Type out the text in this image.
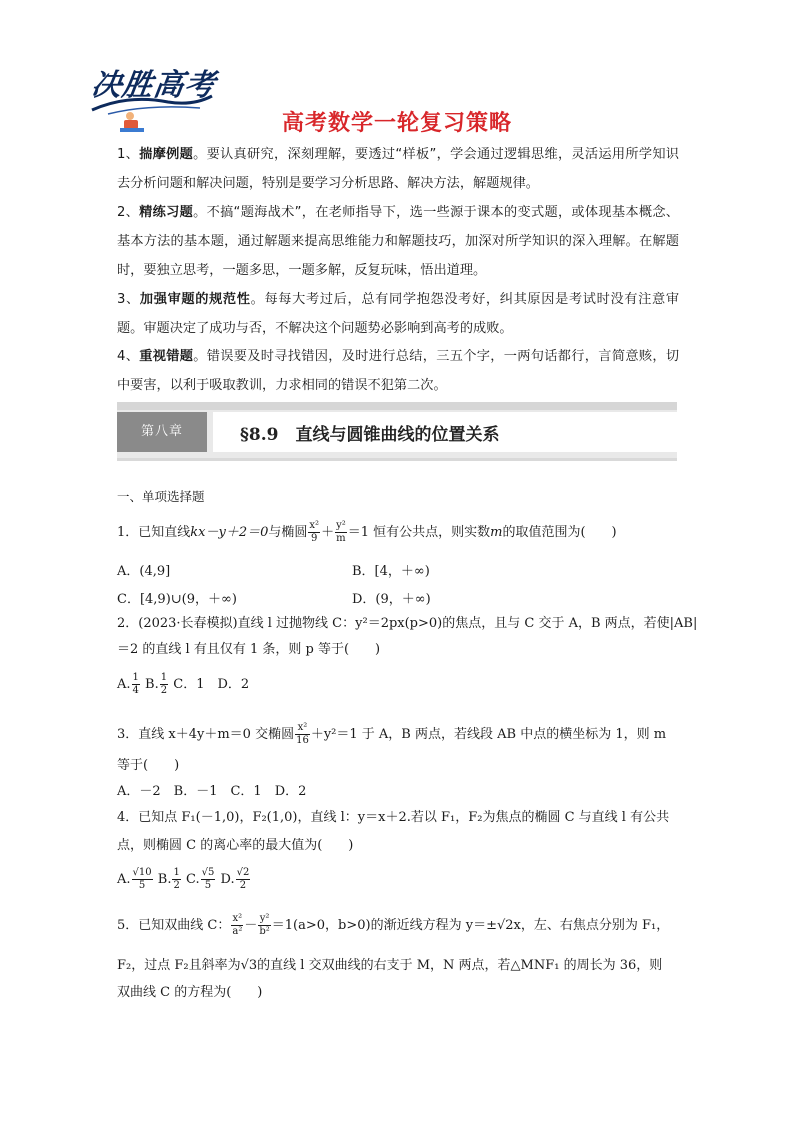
决胜高考
高考数学一轮复习策略
1、揣摩例题。要认真研究，深刻理解，要透过“样板”，学会通过逻辑思维，灵活运用所学知识去分析问题和解决问题，特别是要学习分析思路、解决方法，解题规律。
2、精练习题。不搞“题海战术”，在老师指导下，选一些源于课本的变式题，或体现基本概念、基本方法的基本题，通过解题来提高思维能力和解题技巧，加深对所学知识的深入理解。在解题时，要独立思考，一题多思，一题多解，反复玩味，悟出道理。
3、加强审题的规范性。每每大考过后，总有同学抱怨没考好，纠其原因是考试时没有注意审题。审题决定了成功与否，不解决这个问题势必影响到高考的成败。
4、重视错题。错误要及时寻找错因，及时进行总结，三五个字，一两句话都行，言简意赅，切中要害，以利于吸取教训，力求相同的错误不犯第二次。
第八章	§8.9　直线与圆锥曲线的位置关系
一、单项选择题
1．已知直线kx－y＋2＝0与椭圆 $\frac{\text{x²}}{9} + \frac{\text{y²}}{m} =1$ 恒有公共点，则实数m的取值范围为(　　)
A．(4,9]	B．[4，＋∞)
C．[4,9)∪(9，＋∞)	D．(9，＋∞)
2．(2023·长春模拟)直线 l 过抛物线 C：y²＝2px(p>0)的焦点，且与 C 交于 A，B 两点，若使|AB|
＝2 的直线 l 有且仅有 1 条，则 p 等于(　　)
A. $\frac{1}{4} B$. $\frac{1}{2}$ C．1　D．2
3．直线 x＋4y＋m＝0 交椭圆 $\frac{\text{x²}}{16} +y^2=1$ 于 A，B 两点，若线段 AB 中点的横坐标为 1，则 m
等于(　　)
A．－2　B．－1　C．1　D．2
4．已知点 F₁(－1,0)，F₂(1,0)，直线 l：y＝x＋2.若以 F₁，F₂为焦点的椭圆 C 与直线 l 有公共
点，则椭圆 C 的离心率的最大值为(　　)
A. $\frac{√10}{5} B$. $\frac{1}{2} C$. $\frac{√5}{5} D$. $\frac{√2}{2}$
5．已知双曲线 C： $\frac{\text{x²}}{\text{a²}} - \frac{\text{y²}}{\text{b²}} =1(a>0$，b>0)的渐近线方程为 y＝±√2x，左、右焦点分别为 F₁，
F₂，过点 F₂且斜率为√3的直线 l 交双曲线的右支于 M，N 两点，若△MNF₁ 的周长为 36，则
双曲线 C 的方程为(　　)
